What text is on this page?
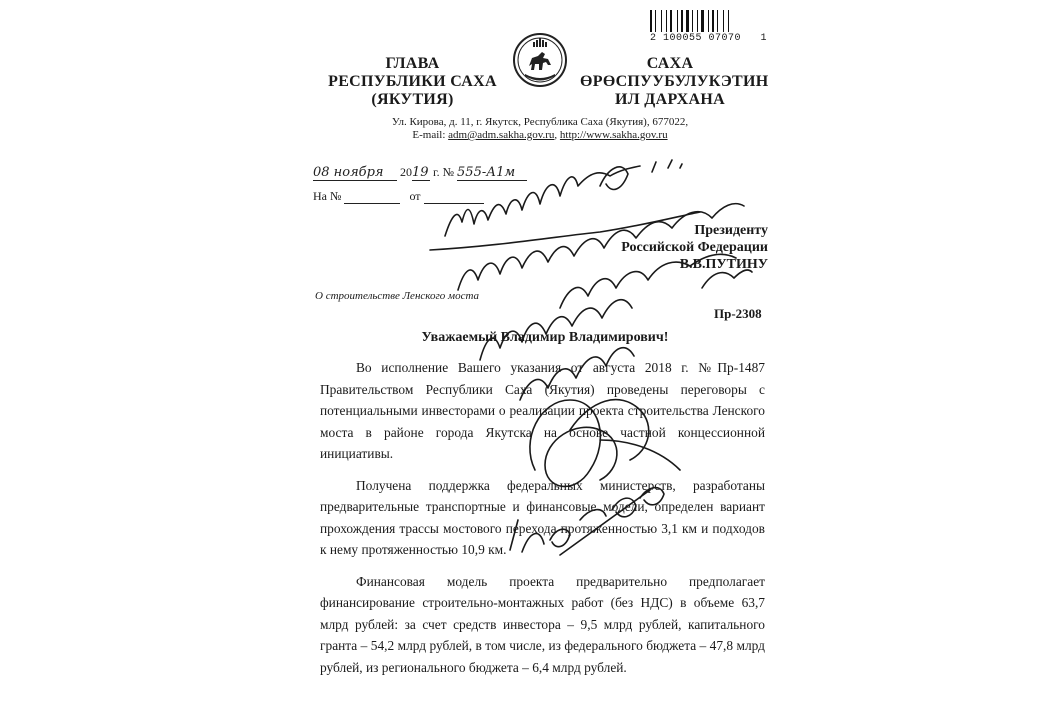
2 100055 07070   1
ГЛАВА
РЕСПУБЛИКИ САХА
(ЯКУТИЯ)
САХА
ӨРӨСПУУБУЛУКЭТИН
ИЛ ДАРХАНА
Ул. Кирова, д. 11, г. Якутск, Республика Саха (Якутия), 677022,
E-mail: adm@adm.sakha.gov.ru, http://www.sakha.gov.ru
08 ноября 2019 г. № 555-А1м
На №	от
Президенту
Российской Федерации
В.В.ПУТИНУ
О строительстве Ленского моста
Пр-2308
Уважаемый Владимир Владимирович!
Во исполнение Вашего указания от августа 2018 г. №Пр-1487 Правительством Республики Саха (Якутия) проведены переговоры с потенциальными инвесторами о реализации проекта строительства Ленского моста в районе города Якутска на основе частной концессионной инициативы.
Получена поддержка федеральных министерств, разработаны предварительные транспортные и финансовые модели, определен вариант прохождения трассы мостового перехода протяженностью 3,1 км и подходов к нему протяженностью 10,9 км.
Финансовая модель проекта предварительно предполагает финансирование строительно-монтажных работ (без НДС) в объеме 63,7 млрд рублей: за счет средств инвестора – 9,5 млрд рублей, капитального гранта – 54,2 млрд рублей, в том числе, из федерального бюджета – 47,8 млрд рублей, из регионального бюджета – 6,4 млрд рублей.
